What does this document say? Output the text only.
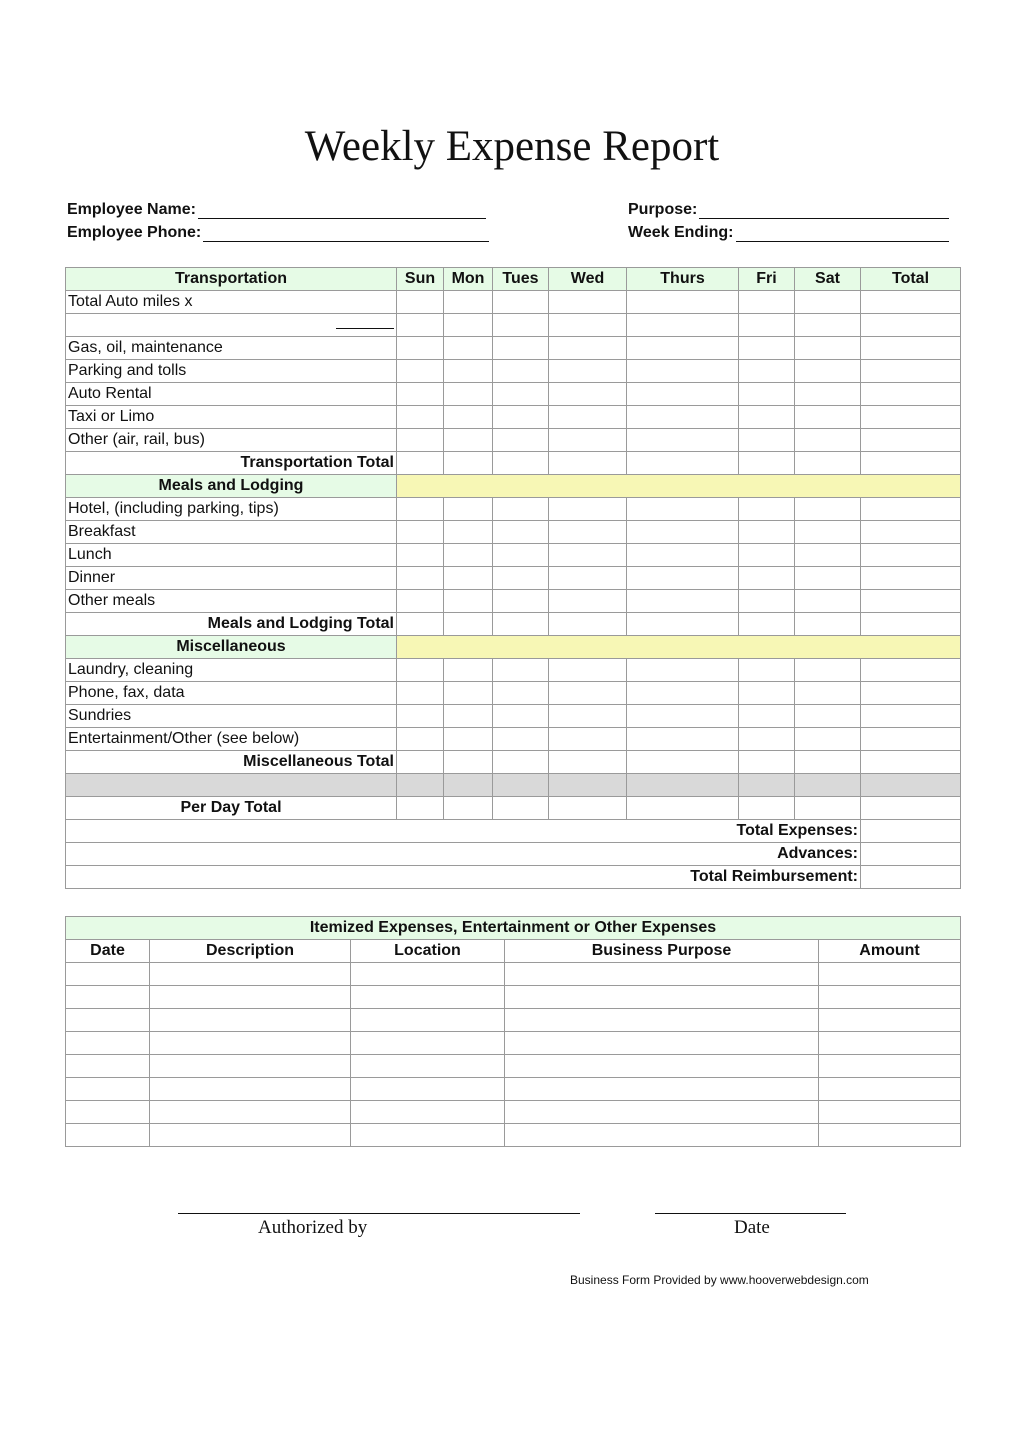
Weekly Expense Report
Employee Name:
Employee Phone:
Purpose:
Week Ending:
Transportation	Sun	Mon	Tues	Wed	Thurs	Fri	Sat	Total
Total Auto miles x								

Gas, oil, maintenance								
Parking and tolls								
Auto Rental								
Taxi or Limo								
Other (air, rail, bus)								
Transportation Total								
Meals and Lodging								
Hotel, (including parking, tips)								
Breakfast								
Lunch								
Dinner								
Other meals								
Meals and Lodging Total								
Miscellaneous								
Laundry, cleaning								
Phone, fax, data								
Sundries								
Entertainment/Other (see below)								
Miscellaneous Total								

Per Day Total								
Total Expenses:								
Advances:								
Total Reimbursement:								
Itemized Expenses, Entertainment or Other Expenses				
Date	Description	Location	Business Purpose	Amount

Authorized by	Date
Business Form Provided by www.hooverwebdesign.com
